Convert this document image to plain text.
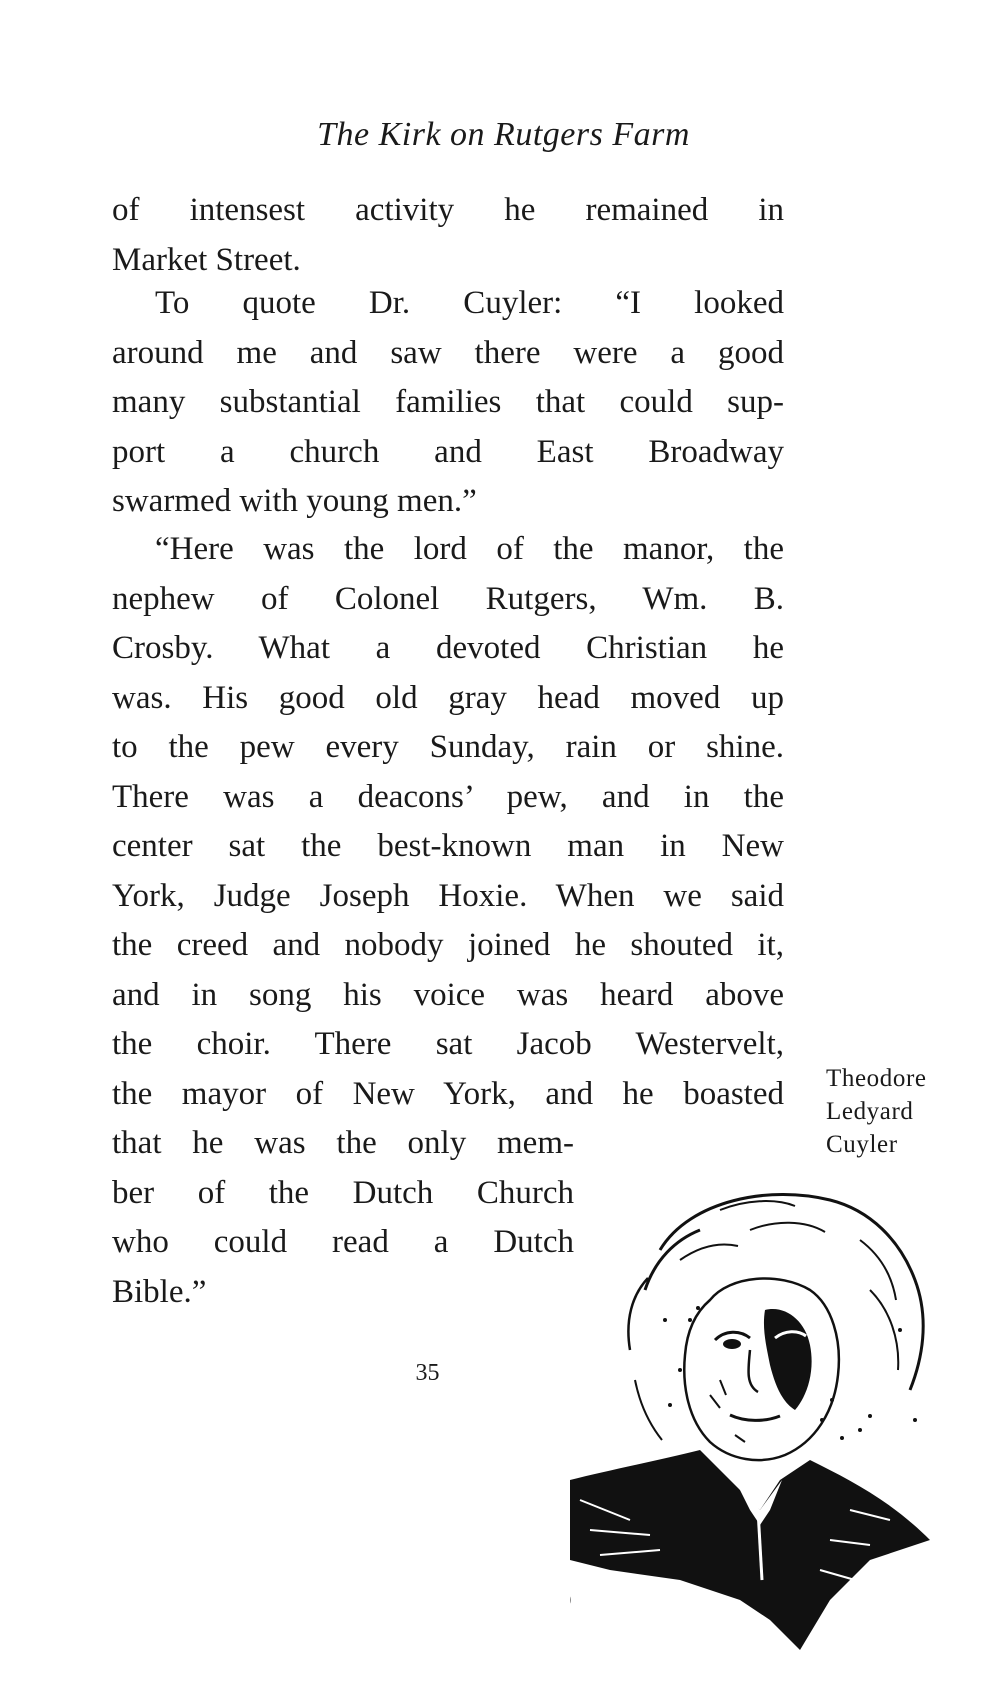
The Kirk on Rutgers Farm
of intensest activity he remained in
Market Street.
To quote Dr. Cuyler: “I looked
around me and saw there were a good
many substantial families that could sup-
port a church and East Broadway
swarmed with young men.”
“Here was the lord of the manor, the
nephew of Colonel Rutgers, Wm. B.
Crosby. What a devoted Christian he
was. His good old gray head moved up
to the pew every Sunday, rain or shine.
There was a deacons’ pew, and in the
center sat the best-known man in New
York, Judge Joseph Hoxie. When we said
the creed and nobody joined he shouted it,
and in song his voice was heard above
the choir. There sat Jacob Westervelt,
the mayor of New York, and he boasted
that he was the only mem-
ber of the Dutch Church
who could read a Dutch
Bible.”
Theodore
Ledyard
Cuyler
35
